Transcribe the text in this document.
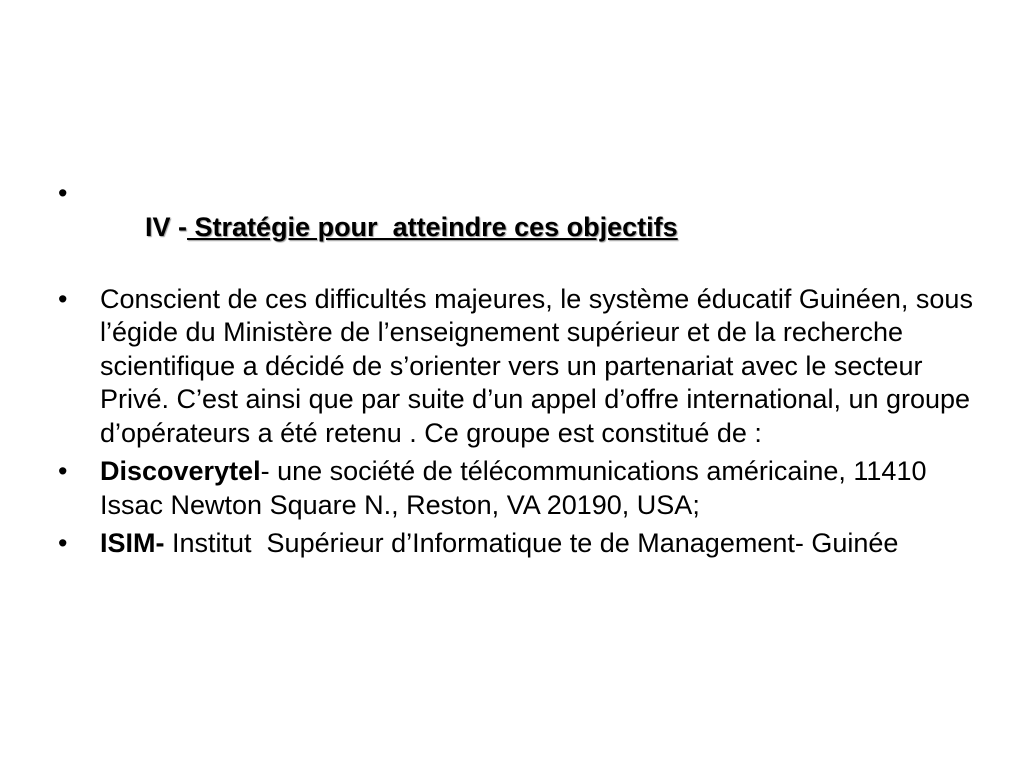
•
IV - Stratégie pour  atteindre ces objectifs

•	Conscient de ces difficultés majeures, le système éducatif Guinéen, sous l’égide du Ministère de l’enseignement supérieur et de la recherche scientifique a décidé de s’orienter vers un partenariat avec le secteur Privé. C’est ainsi que par suite d’un appel d’offre international, un groupe d’opérateurs a été retenu . Ce groupe est constitué de :
•	Discoverytel- une société de télécommunications américaine, 11410 Issac Newton Square N., Reston, VA 20190, USA;
•	ISIM- Institut  Supérieur d’Informatique te de Management- Guinée
